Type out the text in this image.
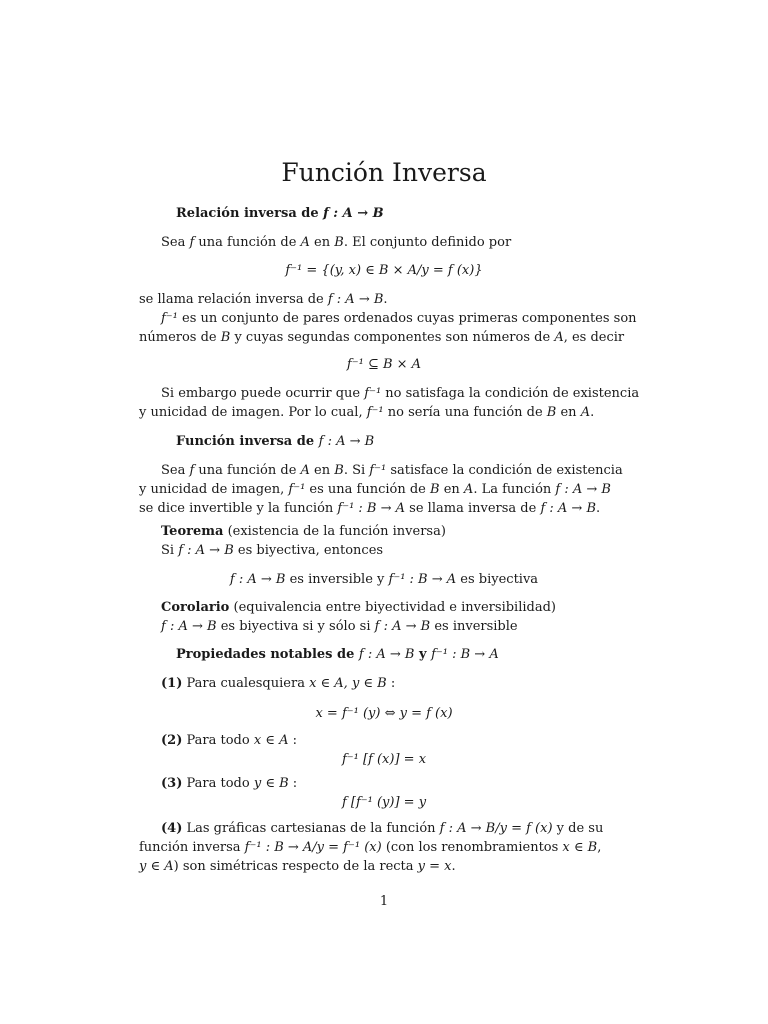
Función Inversa
Relación inversa de f : A → B
Sea f una función de A en B. El conjunto definido por
f⁻¹ = {(y, x) ∈ B × A/y = f (x)}
se llama relación inversa de f : A → B.
f⁻¹ es un conjunto de pares ordenados cuyas primeras componentes son
números de B y cuyas segundas componentes son números de A, es decir
f⁻¹ ⊆ B × A
Si embargo puede ocurrir que f⁻¹ no satisfaga la condición de existencia
y unicidad de imagen. Por lo cual, f⁻¹ no sería una función de B en A.
Función inversa de f : A → B
Sea f una función de A en B. Si f⁻¹ satisface la condición de existencia
y unicidad de imagen, f⁻¹ es una función de B en A. La función f : A → B
se dice invertible y la función f⁻¹ : B → A se llama inversa de f : A → B.
Teorema (existencia de la función inversa)
Si f : A → B es biyectiva, entonces
f : A → B es inversible y f⁻¹ : B → A es biyectiva
Corolario (equivalencia entre biyectividad e inversibilidad)
f : A → B es biyectiva si y sólo si f : A → B es inversible
Propiedades notables de f : A → B y f⁻¹ : B → A
(1) Para cualesquiera x ∈ A, y ∈ B :
x = f⁻¹ (y) ⇔ y = f (x)
(2) Para todo x ∈ A :
f⁻¹ [f (x)] = x
(3) Para todo y ∈ B :
f [f⁻¹ (y)] = y
(4) Las gráficas cartesianas de la función f : A → B/y = f (x) y de su
función inversa f⁻¹ : B → A/y = f⁻¹ (x) (con los renombramientos x ∈ B,
y ∈ A) son simétricas respecto de la recta y = x.
1
